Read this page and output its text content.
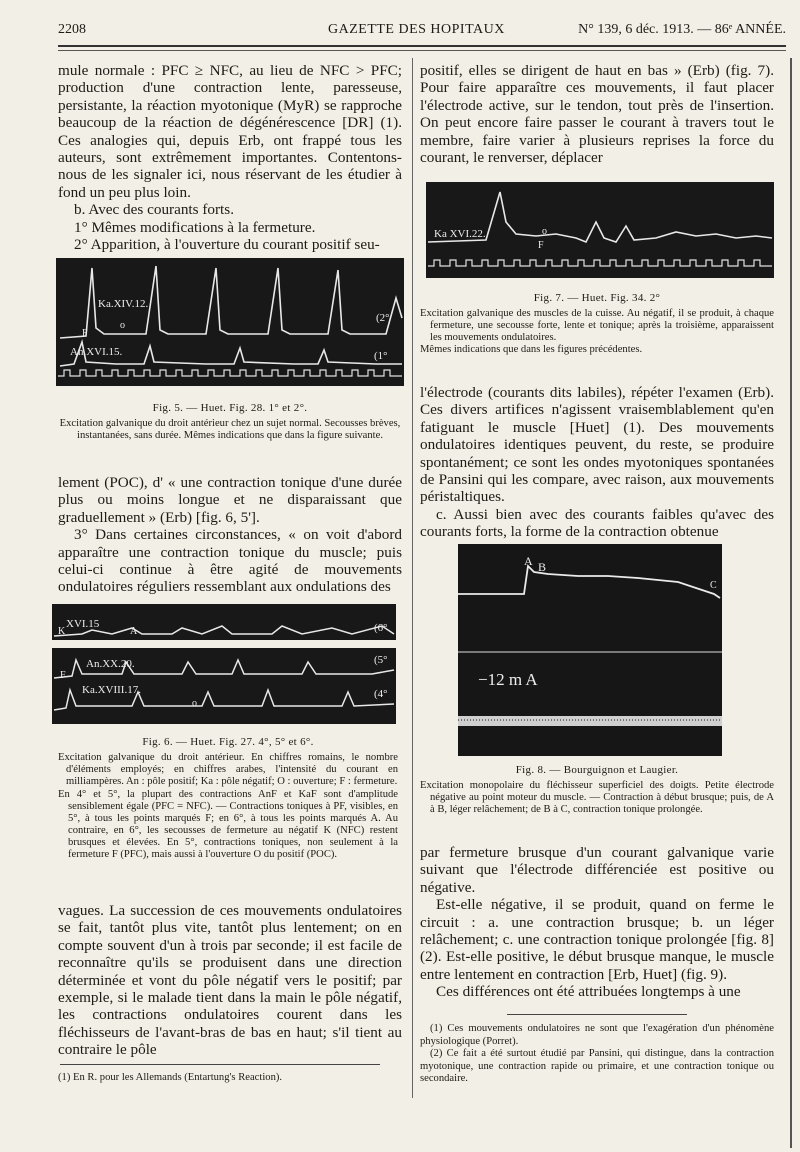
2208	GAZETTE DES HOPITAUX	N° 139, 6 déc. 1913. — 86ᵉ ANNÉE.

mule normale : PFC ≥ NFC, au lieu de NFC > PFC; production d'une contraction lente, paresseuse, persistante, la réaction myotonique (MyR) se rapproche beaucoup de la réaction de dégénérescence [DR] (1). Ces analogies qui, depuis Erb, ont frappé tous les auteurs, sont extrêmement importantes. Contentons-nous de les signaler ici, nous réservant de les étudier à fond un peu plus loin.

b. Avec des courants forts.

1° Mêmes modifications à la fermeture.

2° Apparition, à l'ouverture du courant positif seu-

Ka.XIV.12.
An.XVI.15.
(2°
(1°
o
F

Fig. 5. — Huet. Fig. 28. 1° et 2°.

Excitation galvanique du droit antérieur chez un sujet normal. Secousses brèves, instantanées, sans durée. Mêmes indications que dans la figure suivante.

lement (POC), d' « une contraction tonique d'une durée plus ou moins longue et ne disparaissant que graduellement » (Erb) [fig. 6, 5'].

3° Dans certaines circonstances, « on voit d'abord apparaître une contraction tonique du muscle; puis celui-ci continue à être agité de mouvements ondulatoires réguliers ressemblant aux ondulations des

XVI.15
An.XX.20.
Ka.XVIII.17.
(6°
(5°
(4°
A
K
F
o

Fig. 6. — Huet. Fig. 27. 4°, 5° et 6°.

Excitation galvanique du droit antérieur. En chiffres romains, le nombre d'éléments employés; en chiffres arabes, l'intensité du courant en milliampères. An : pôle positif; Ka : pôle négatif; O : ouverture; F : fermeture.

En 4° et 5°, la plupart des contractions AnF et KaF sont d'amplitude sensiblement égale (PFC = NFC). — Contractions toniques à PF, visibles, en 5°, à tous les points marqués F; en 6°, à tous les points marqués A. Au contraire, en 6°, les secousses de fermeture au négatif K (NFC) restent brusques et élevées. En 5°, contractions toniques, non seulement à la fermeture F (PFC), mais aussi à l'ouverture O du positif (POC).

vagues. La succession de ces mouvements ondulatoires se fait, tantôt plus vite, tantôt plus lentement; on en compte souvent d'un à trois par seconde; il est facile de reconnaître qu'ils se produisent dans une direction déterminée et vont du pôle négatif vers le positif; par exemple, si le malade tient dans la main le pôle négatif, les contractions ondulatoires courent dans les fléchisseurs de l'avant-bras de bas en haut; s'il tient au contraire le pôle

(1) En R. pour les Allemands (Entartung's Reaction).

positif, elles se dirigent de haut en bas » (Erb) (fig. 7). Pour faire apparaître ces mouvements, il faut placer l'électrode active, sur le tendon, tout près de l'insertion. On peut encore faire passer le courant à travers tout le membre, faire varier à plusieurs reprises la force du courant, le renverser, déplacer

Ka XVI.22.	o
F

Fig. 7. — Huet. Fig. 34. 2°

Excitation galvanique des muscles de la cuisse. Au négatif, il se produit, à chaque fermeture, une secousse forte, lente et tonique; après la troisième, apparaissent les mouvements ondulatoires.

Mêmes indications que dans les figures précédentes.

l'électrode (courants dits labiles), répéter l'examen (Erb). Ces divers artifices n'agissent vraisemblablement qu'en fatiguant le muscle [Huet] (1). Des mouvements ondulatoires identiques peuvent, du reste, se produire spontanément; ce sont les ondes myotoniques spontanées de Pansini qui les compare, avec raison, aux mouvements péristaltiques.

c. Aussi bien avec des courants faibles qu'avec des courants forts, la forme de la contraction obtenue

A B
C
−12 m A

Fig. 8. — Bourguignon et Laugier.

Excitation monopolaire du fléchisseur superficiel des doigts. Petite électrode négative au point moteur du muscle. — Contraction à début brusque; puis, de A à B, léger relâchement; de B à C, contraction tonique prolongée.

par fermeture brusque d'un courant galvanique varie suivant que l'électrode différenciée est positive ou négative.

Est-elle négative, il se produit, quand on ferme le circuit : a. une contraction brusque; b. un léger relâchement; c. une contraction tonique prolongée [fig. 8] (2). Est-elle positive, le début brusque manque, le muscle entre lentement en contraction [Erb, Huet] (fig. 9).

Ces différences ont été attribuées longtemps à une

(1) Ces mouvements ondulatoires ne sont que l'exagération d'un phénomène physiologique (Porret).

(2) Ce fait a été surtout étudié par Pansini, qui distingue, dans la contraction myotonique, une contraction rapide ou primaire, et une contraction tonique ou secondaire.
